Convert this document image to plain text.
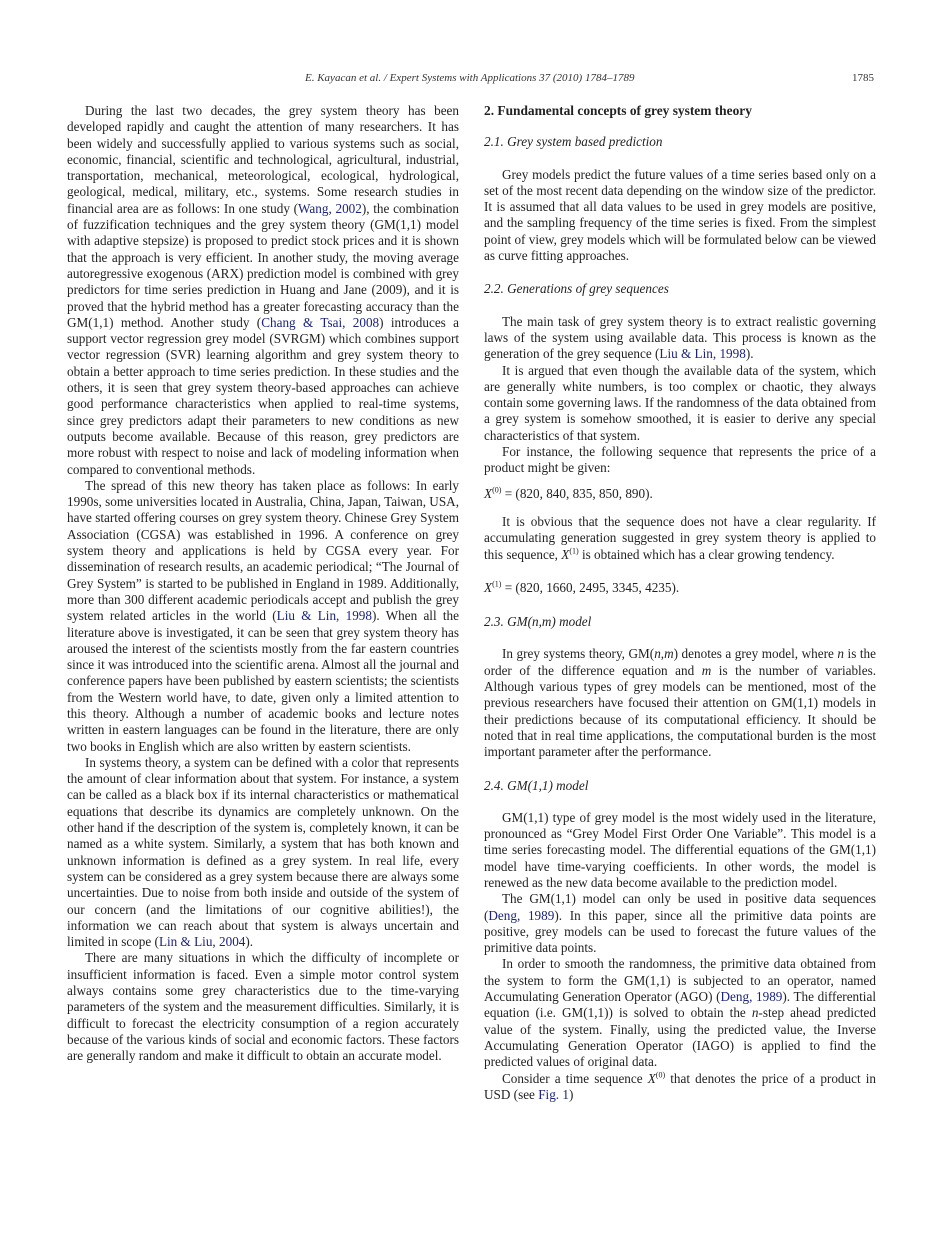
E. Kayacan et al. / Expert Systems with Applications 37 (2010) 1784–1789	1785

During the last two decades, the grey system theory has been developed rapidly and caught the attention of many researchers. It has been widely and successfully applied to various systems such as social, economic, financial, scientific and technological, agricultural, industrial, transportation, mechanical, meteorological, ecological, hydrological, geological, medical, military, etc., systems. Some research studies in financial area are as follows: In one study (Wang, 2002), the combination of fuzzification techniques and the grey system theory (GM(1,1) model with adaptive stepsize) is proposed to predict stock prices and it is shown that the approach is very efficient. In another study, the moving average autoregressive exogenous (ARX) prediction model is combined with grey predictors for time series prediction in Huang and Jane (2009), and it is proved that the hybrid method has a greater forecasting accuracy than the GM(1,1) method. Another study (Chang & Tsai, 2008) introduces a support vector regression grey model (SVRGM) which combines support vector regression (SVR) learning algorithm and grey system theory to obtain a better approach to time series prediction. In these studies and the others, it is seen that grey system theory-based approaches can achieve good performance characteristics when applied to real-time systems, since grey predictors adapt their parameters to new conditions as new outputs become available. Because of this reason, grey predictors are more robust with respect to noise and lack of modeling information when compared to conventional methods.

The spread of this new theory has taken place as follows: In early 1990s, some universities located in Australia, China, Japan, Taiwan, USA, have started offering courses on grey system theory. Chinese Grey System Association (CGSA) was established in 1996. A conference on grey system theory and applications is held by CGSA every year. For dissemination of research results, an academic periodical; “The Journal of Grey System” is started to be published in England in 1989. Additionally, more than 300 different academic periodicals accept and publish the grey system related articles in the world (Liu & Lin, 1998). When all the literature above is investigated, it can be seen that grey system theory has aroused the interest of the scientists mostly from the far eastern countries since it was introduced into the scientific arena. Almost all the journal and conference papers have been published by eastern scientists; the scientists from the Western world have, to date, given only a limited attention to this theory. Although a number of academic books and lecture notes written in eastern languages can be found in the literature, there are only two books in English which are also written by eastern scientists.

In systems theory, a system can be defined with a color that represents the amount of clear information about that system. For instance, a system can be called as a black box if its internal characteristics or mathematical equations that describe its dynamics are completely unknown. On the other hand if the description of the system is, completely known, it can be named as a white system. Similarly, a system that has both known and unknown information is defined as a grey system. In real life, every system can be considered as a grey system because there are always some uncertainties. Due to noise from both inside and outside of the system of our concern (and the limitations of our cognitive abilities!), the information we can reach about that system is always uncertain and limited in scope (Lin & Liu, 2004).

There are many situations in which the difficulty of incomplete or insufficient information is faced. Even a simple motor control system always contains some grey characteristics due to the time-varying parameters of the system and the measurement difficulties. Similarly, it is difficult to forecast the electricity consumption of a region accurately because of the various kinds of social and economic factors. These factors are generally random and make it difficult to obtain an accurate model.

2. Fundamental concepts of grey system theory
2.1. Grey system based prediction

Grey models predict the future values of a time series based only on a set of the most recent data depending on the window size of the predictor. It is assumed that all data values to be used in grey models are positive, and the sampling frequency of the time series is fixed. From the simplest point of view, grey models which will be formulated below can be viewed as curve fitting approaches.

2.2. Generations of grey sequences

The main task of grey system theory is to extract realistic governing laws of the system using available data. This process is known as the generation of the grey sequence (Liu & Lin, 1998).

It is argued that even though the available data of the system, which are generally white numbers, is too complex or chaotic, they always contain some governing laws. If the randomness of the data obtained from a grey system is somehow smoothed, it is easier to derive any special characteristics of that system.

For instance, the following sequence that represents the price of a product might be given:

$X^{(0)} = (820$, 840, 835, 850, 890).

It is obvious that the sequence does not have a clear regularity. If accumulating generation suggested in grey system theory is applied to this sequence, $X^{(1)}$ is obtained which has a clear growing tendency.

$X^{(1)} = (820$, 1660, 2495, 3345, 4235).
2.3. GM(n,m) model

In grey systems theory, GM(n,m) denotes a grey model, where n is the order of the difference equation and m is the number of variables. Although various types of grey models can be mentioned, most of the previous researchers have focused their attention on GM(1,1) models in their predictions because of its computational efficiency. It should be noted that in real time applications, the computational burden is the most important parameter after the performance.

2.4. GM(1,1) model

GM(1,1) type of grey model is the most widely used in the literature, pronounced as “Grey Model First Order One Variable”. This model is a time series forecasting model. The differential equations of the GM(1,1) model have time-varying coefficients. In other words, the model is renewed as the new data become available to the prediction model.

The GM(1,1) model can only be used in positive data sequences (Deng, 1989). In this paper, since all the primitive data points are positive, grey models can be used to forecast the future values of the primitive data points.

In order to smooth the randomness, the primitive data obtained from the system to form the GM(1,1) is subjected to an operator, named Accumulating Generation Operator (AGO) (Deng, 1989). The differential equation (i.e. GM(1,1)) is solved to obtain the n-step ahead predicted value of the system. Finally, using the predicted value, the Inverse Accumulating Generation Operator (IAGO) is applied to find the predicted values of original data.

Consider a time sequence $X^{(0)}$ that denotes the price of a product in USD (see Fig. 1)
